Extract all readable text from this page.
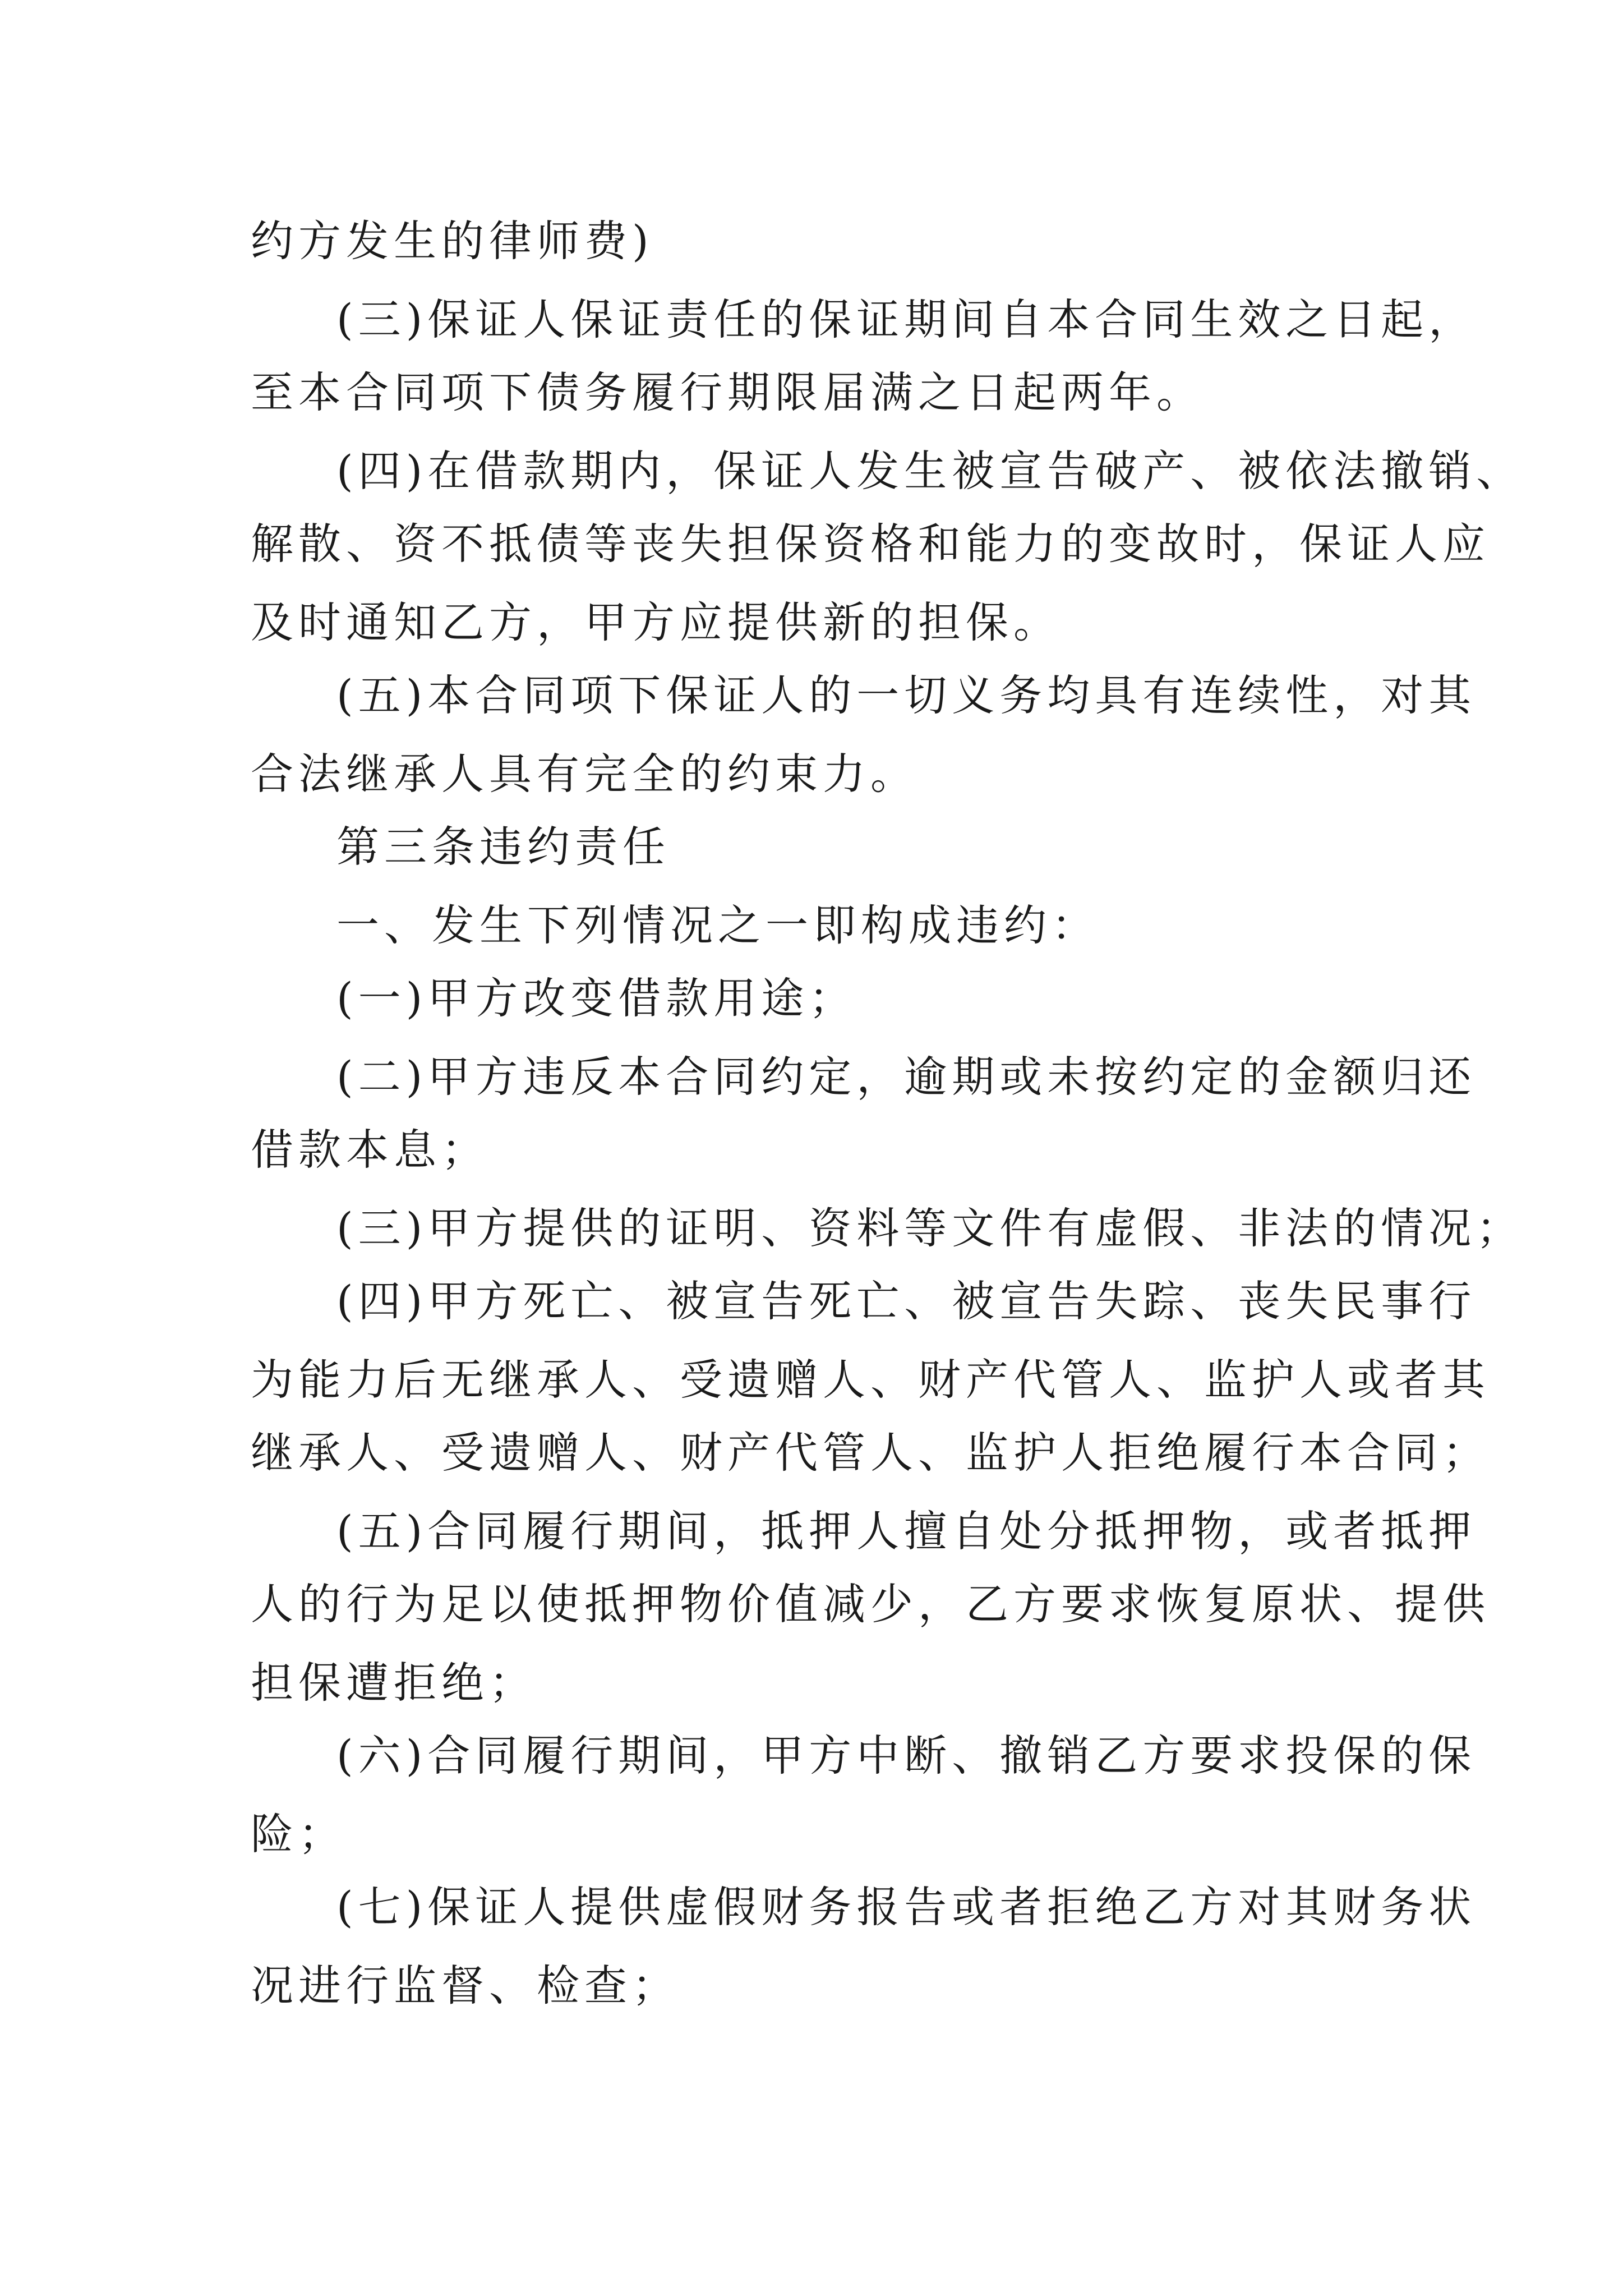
约方发生的律师费)
(三)保证人保证责任的保证期间自本合同生效之日起，
至本合同项下债务履行期限届满之日起两年。
(四)在借款期内，保证人发生被宣告破产、被依法撤销、
解散、资不抵债等丧失担保资格和能力的变故时，保证人应
及时通知乙方，甲方应提供新的担保。
(五)本合同项下保证人的一切义务均具有连续性，对其
合法继承人具有完全的约束力。
第三条违约责任
一、发生下列情况之一即构成违约：
(一)甲方改变借款用途；
(二)甲方违反本合同约定，逾期或未按约定的金额归还
借款本息；
(三)甲方提供的证明、资料等文件有虚假、非法的情况；
(四)甲方死亡、被宣告死亡、被宣告失踪、丧失民事行
为能力后无继承人、受遗赠人、财产代管人、监护人或者其
继承人、受遗赠人、财产代管人、监护人拒绝履行本合同；
(五)合同履行期间，抵押人擅自处分抵押物，或者抵押
人的行为足以使抵押物价值减少，乙方要求恢复原状、提供
担保遭拒绝；
(六)合同履行期间，甲方中断、撤销乙方要求投保的保
险；
(七)保证人提供虚假财务报告或者拒绝乙方对其财务状
况进行监督、检查；
